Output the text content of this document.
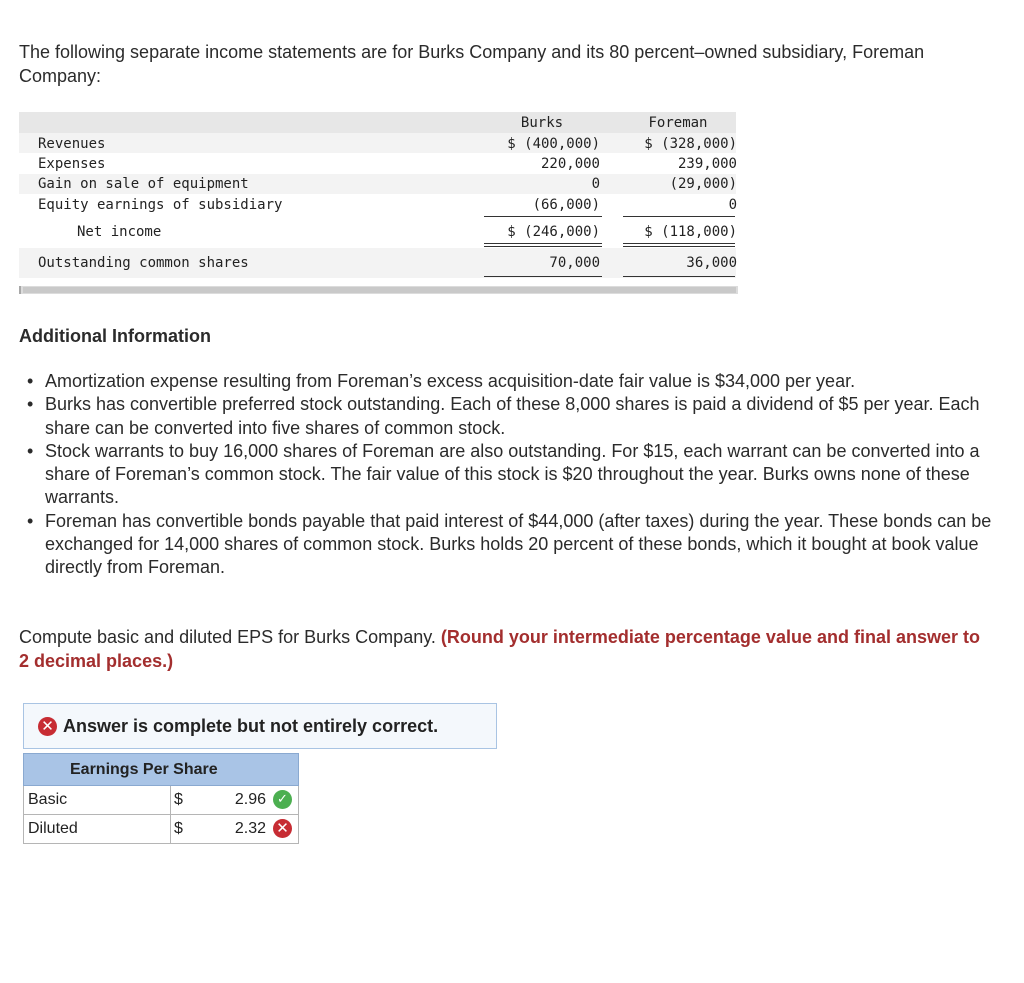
The following separate income statements are for Burks Company and its 80 percent–owned subsidiary, Foreman Company:
Burks	Foreman
Revenues	$ (400,000)	$ (328,000)
Expenses	220,000	239,000
Gain on sale of equipment	0	(29,000)
Equity earnings of subsidiary	(66,000)	0
Net income	$ (246,000)	$ (118,000)
Outstanding common shares	70,000	36,000
Additional Information
• Amortization expense resulting from Foreman’s excess acquisition-date fair value is $34,000 per year.
• Burks has convertible preferred stock outstanding. Each of these 8,000 shares is paid a dividend of $5 per year. Each share can be converted into five shares of common stock.
• Stock warrants to buy 16,000 shares of Foreman are also outstanding. For $15, each warrant can be converted into a share of Foreman’s common stock. The fair value of this stock is $20 throughout the year. Burks owns none of these warrants.
• Foreman has convertible bonds payable that paid interest of $44,000 (after taxes) during the year. These bonds can be exchanged for 14,000 shares of common stock. Burks holds 20 percent of these bonds, which it bought at book value directly from Foreman.
Compute basic and diluted EPS for Burks Company. (Round your intermediate percentage value and final answer to 2 decimal places.)
✕ Answer is complete but not entirely correct.
Earnings Per Share	
Basic	$ 2.96 ✓

Diluted	$ 2.32 ✕
